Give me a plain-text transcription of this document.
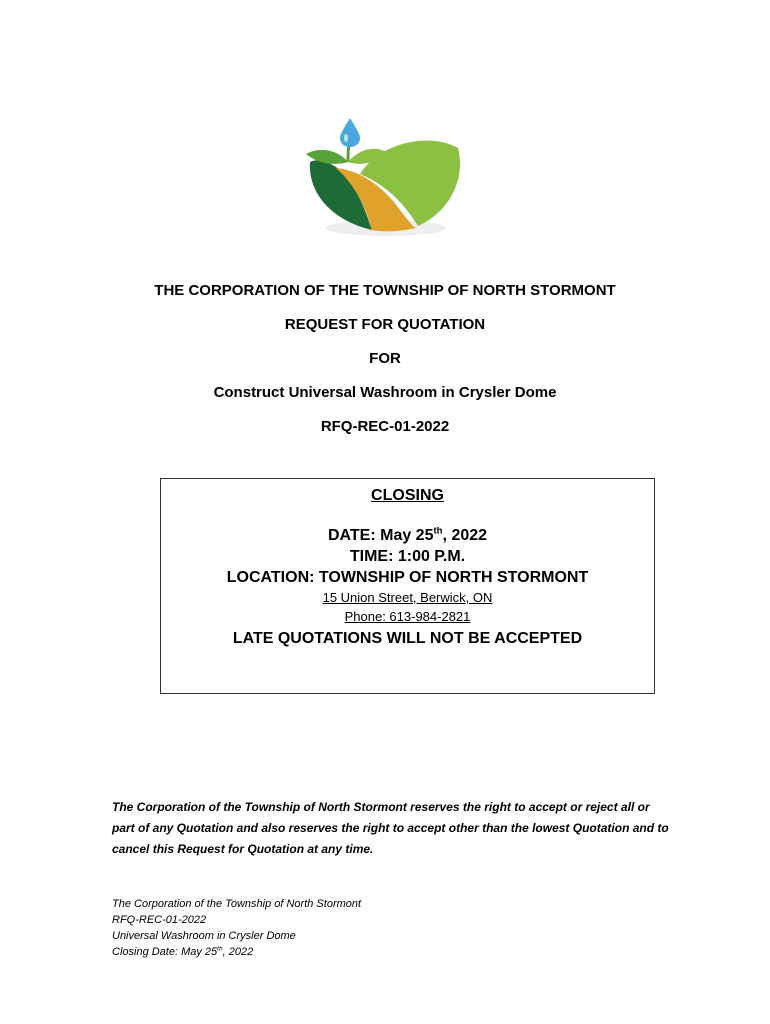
THE CORPORATION OF THE TOWNSHIP OF NORTH STORMONT
REQUEST FOR QUOTATION
FOR
Construct Universal Washroom in Crysler Dome
RFQ-REC-01-2022
CLOSING
DATE: May 25th, 2022
TIME: 1:00 P.M.
LOCATION: TOWNSHIP OF NORTH STORMONT
15 Union Street, Berwick, ON
Phone: 613-984-2821
LATE QUOTATIONS WILL NOT BE ACCEPTED
The Corporation of the Township of North Stormont reserves the right to accept or reject all or part of any Quotation and also reserves the right to accept other than the lowest Quotation and to cancel this Request for Quotation at any time.
The Corporation of the Township of North Stormont
RFQ-REC-01-2022
Universal Washroom in Crysler Dome
Closing Date: May 25th, 2022
